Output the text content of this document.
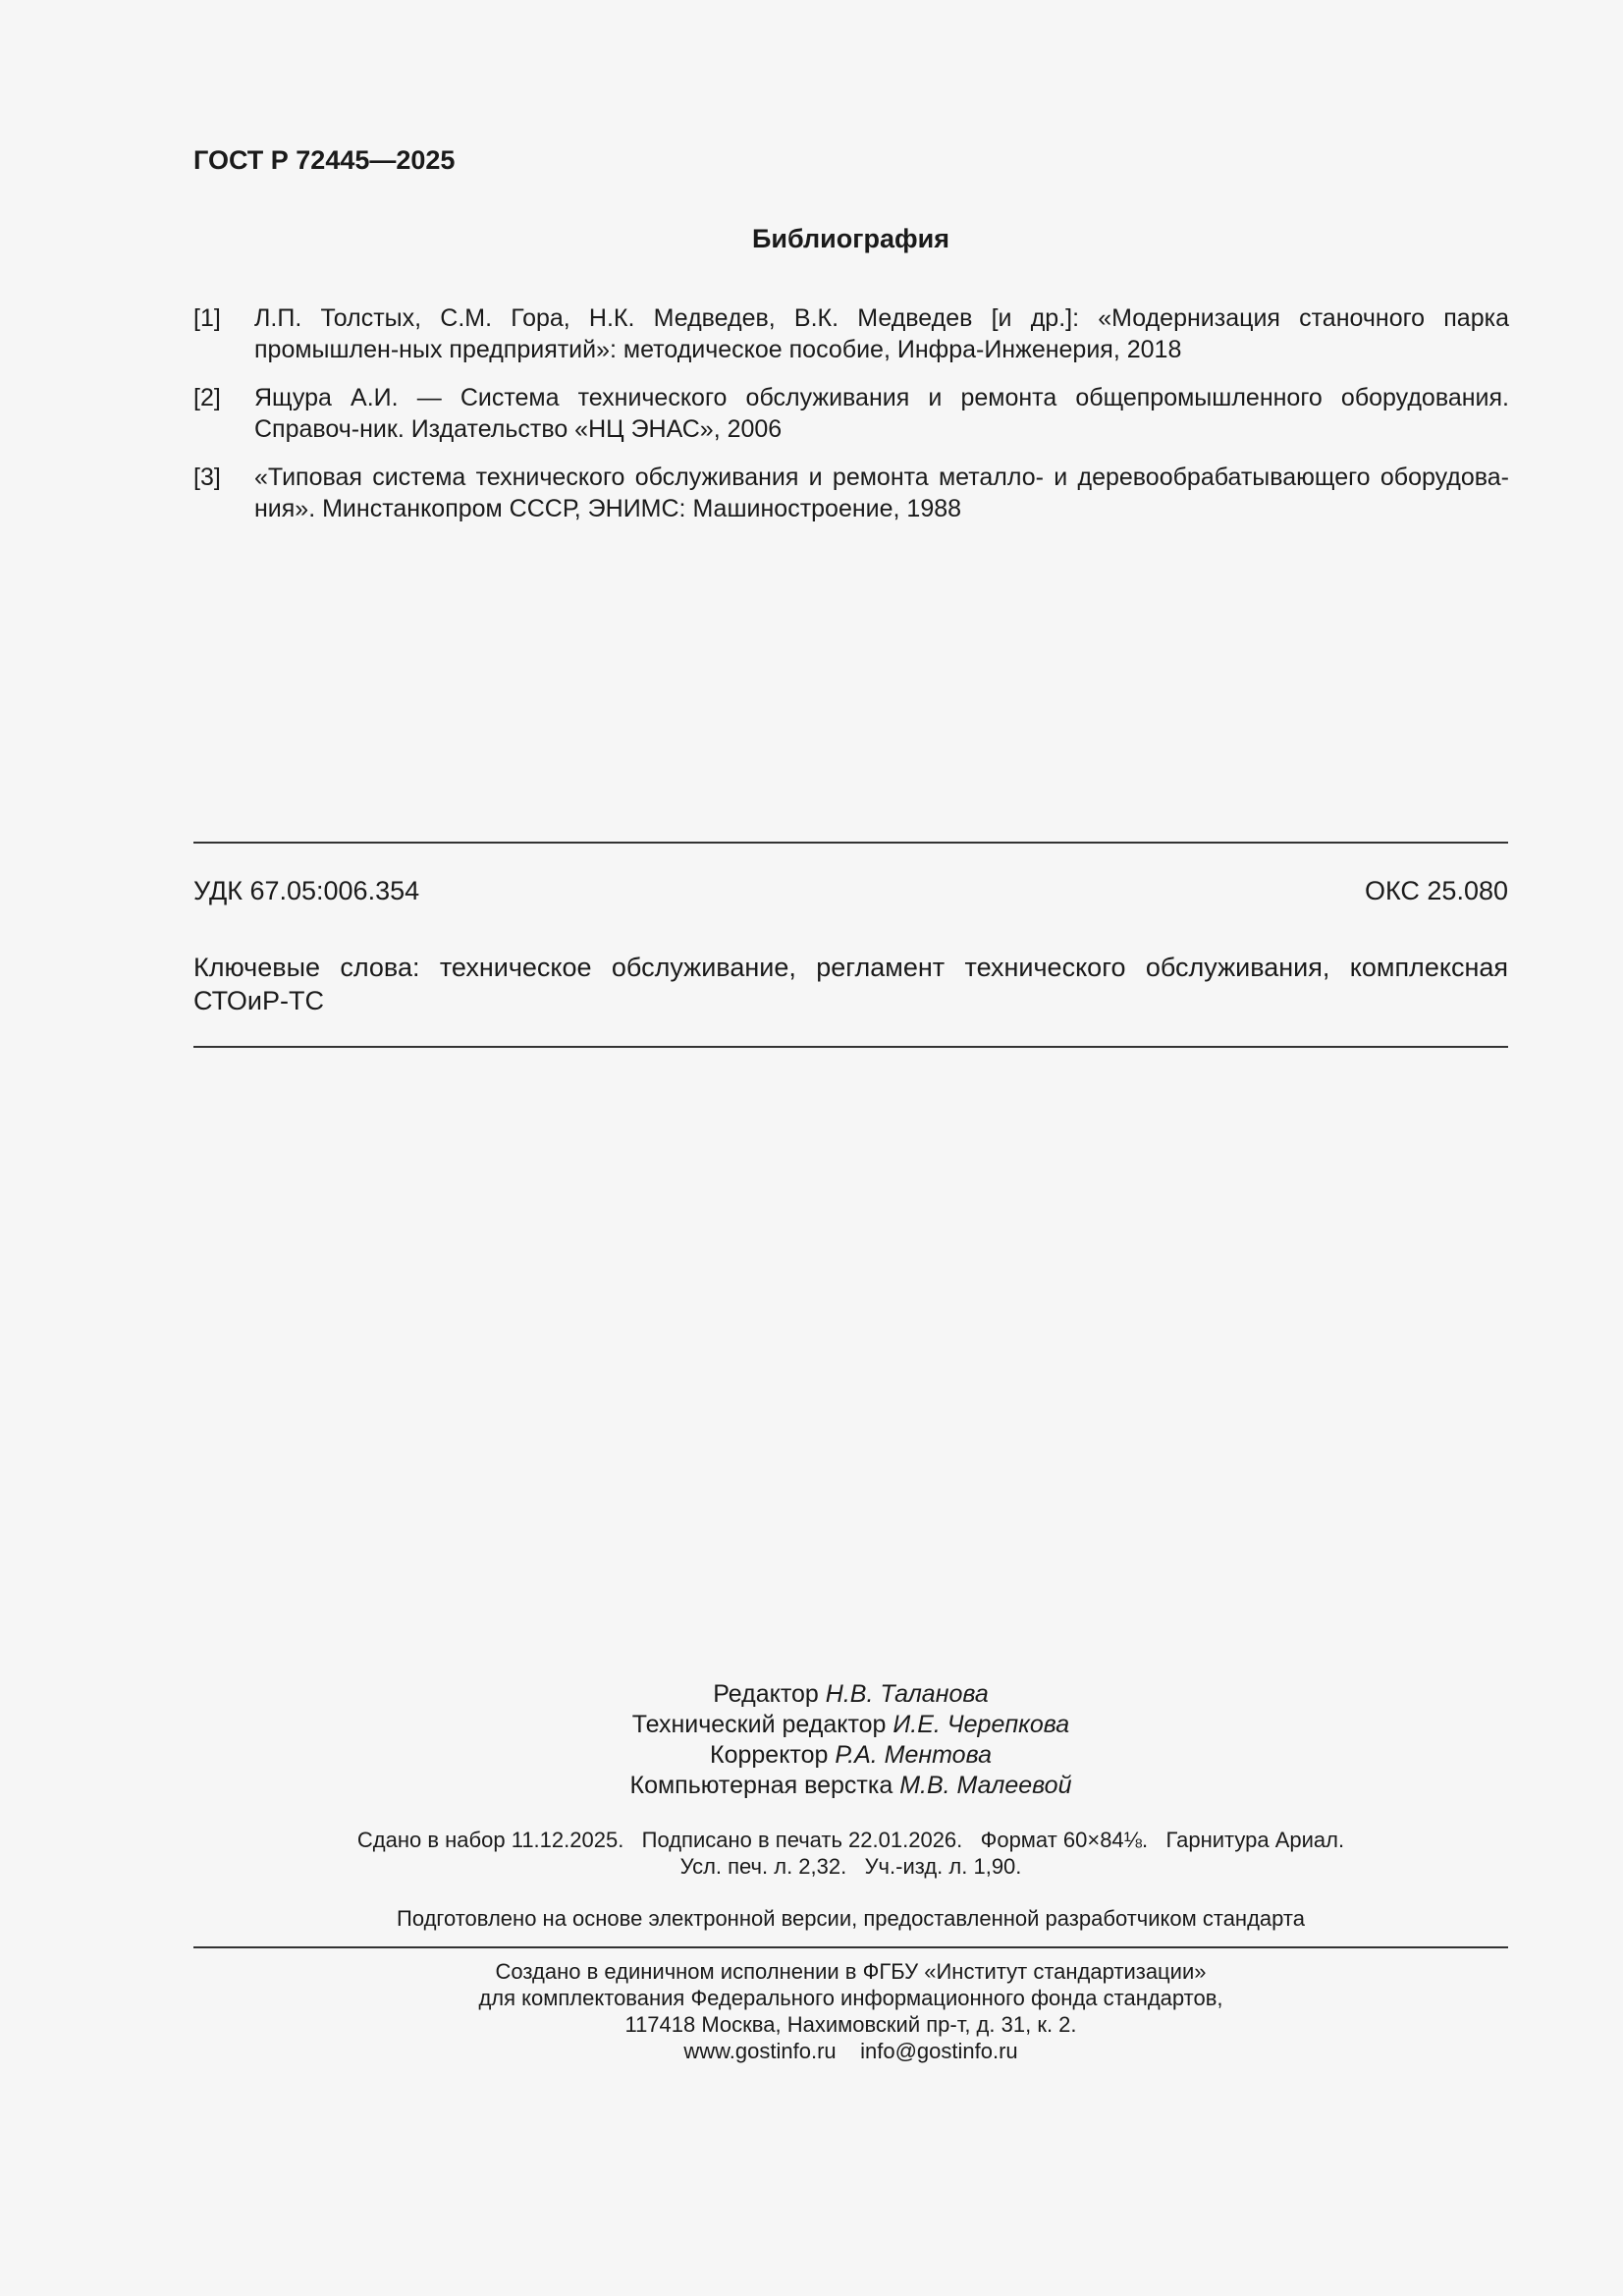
ГОСТ Р 72445—2025
Библиография
[1] Л.П. Толстых, С.М. Гора, Н.К. Медведев, В.К. Медведев [и др.]: «Модернизация станочного парка промышлен-ных предприятий»: методическое пособие, Инфра-Инженерия, 2018
[2] Ящура А.И. — Система технического обслуживания и ремонта общепромышленного оборудования. Справоч-ник. Издательство «НЦ ЭНАС», 2006
[3] «Типовая система технического обслуживания и ремонта металло- и деревообрабатывающего оборудова-ния». Минстанкопром СССР, ЭНИМС: Машиностроение, 1988
УДК 67.05:006.354	ОКС 25.080
Ключевые слова: техническое обслуживание, регламент технического обслуживания, комплексная СТОиР-ТС
Редактор Н.В. Таланова
Технический редактор И.Е. Черепкова
Корректор Р.А. Ментова
Компьютерная верстка М.В. Малеевой
Сдано в набор 11.12.2025.   Подписано в печать 22.01.2026.   Формат 60×84⅛.   Гарнитура Ариал.
Усл. печ. л. 2,32.   Уч.-изд. л. 1,90.
Подготовлено на основе электронной версии, предоставленной разработчиком стандарта
Создано в единичном исполнении в ФГБУ «Институт стандартизации»
для комплектования Федерального информационного фонда стандартов,
117418 Москва, Нахимовский пр-т, д. 31, к. 2.
www.gostinfo.ru    info@gostinfo.ru
